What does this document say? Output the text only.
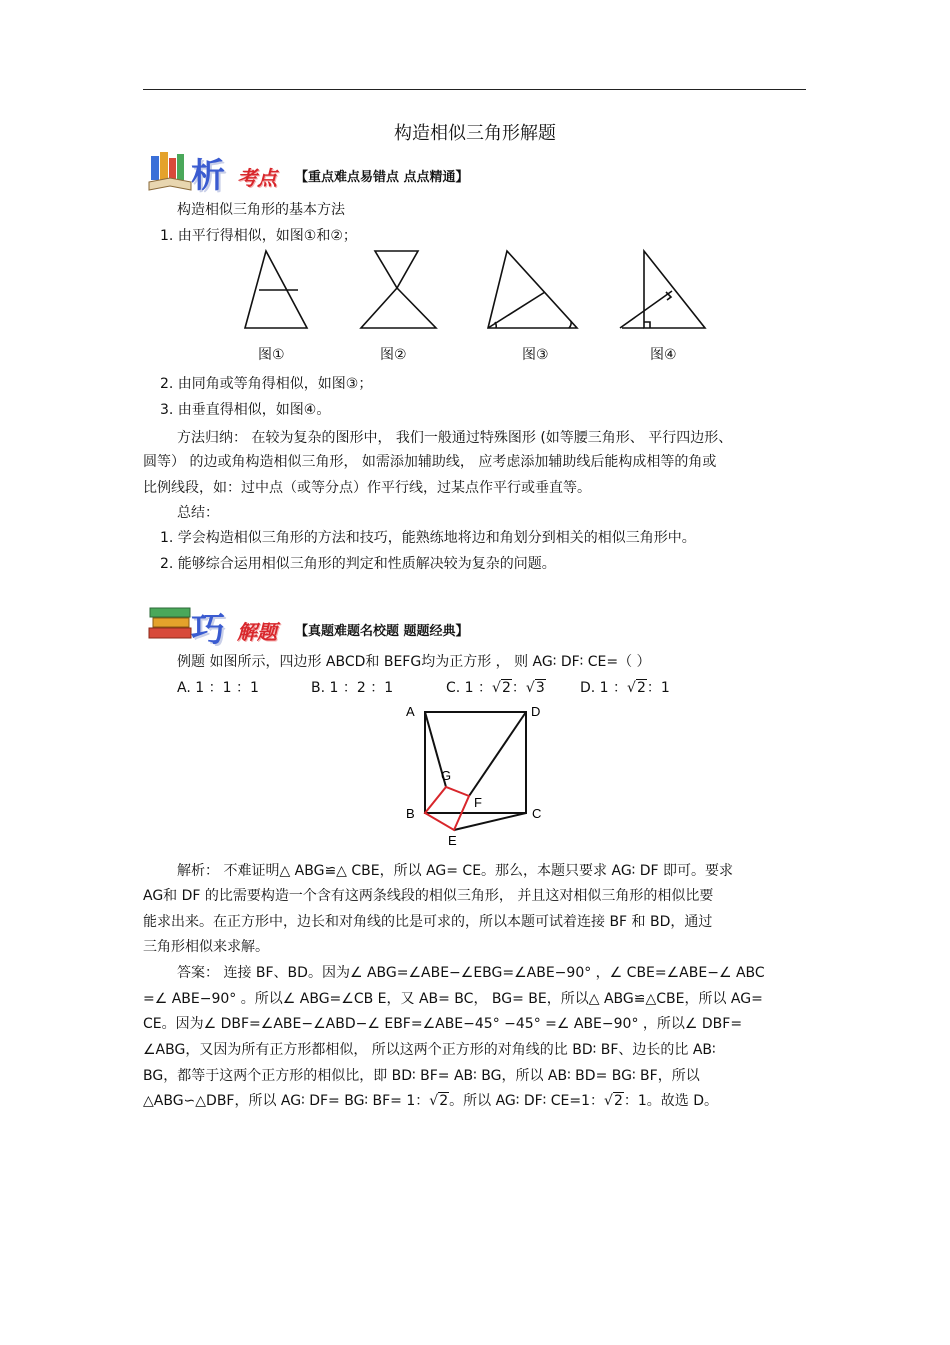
构造相似三角形解题
析 考点 【重点难点易错点 点点精通】
构造相似三角形的基本方法
1. 由平行得相似，如图①和②；
图①	图②	图③	图④
2. 由同角或等角得相似，如图③；
3. 由垂直得相似，如图④。
方法归纳： 在较为复杂的图形中， 我们一般通过特殊图形 (如等腰三角形、 平行四边形、
圆等） 的边或角构造相似三角形， 如需添加辅助线， 应考虑添加辅助线后能构成相等的角或
比例线段，如：过中点（或等分点）作平行线，过某点作平行或垂直等。
总结：
1. 学会构造相似三角形的方法和技巧，能熟练地将边和角划分到相关的相似三角形中。
2. 能够综合运用相似三角形的判定和性质解决较为复杂的问题。
巧 解题 【真题难题名校题 题题经典】
例题 如图所示，四边形 ABCD和 BEFG均为正方形 ， 则 AG∶ DF∶ CE=（ ）
A. 1 ：1 ：1	B. 1 ：2 ：1	C. 1 ：√2：√3	D. 1 ：√2：1
A	D
G
F
B	C
E
解析： 不难证明△ ABG≌△ CBE，所以 AG= CE。那么，本题只要求 AG∶ DF 即可。要求
AG和 DF 的比需要构造一个含有这两条线段的相似三角形， 并且这对相似三角形的相似比要
能求出来。在正方形中，边长和对角线的比是可求的，所以本题可试着连接 BF 和 BD，通过
三角形相似来求解。
答案： 连接 BF、BD。因为∠ ABG=∠ABE−∠EBG=∠ABE−90° ，∠ CBE=∠ABE−∠ ABC
=∠ ABE−90° 。所以∠ ABG=∠CB E，又 AB= BC， BG= BE，所以△ ABG≌△CBE，所以 AG=
CE。因为∠ DBF=∠ABE−∠ABD−∠ EBF=∠ABE−45° −45° =∠ ABE−90° ，所以∠ DBF=
∠ABG，又因为所有正方形都相似， 所以这两个正方形的对角线的比 BD∶ BF、边长的比 AB∶
BG，都等于这两个正方形的相似比，即 BD∶ BF= AB∶ BG，所以 AB∶ BD= BG∶ BF，所以
△ABG∽△DBF，所以 AG∶ DF= BG∶ BF= 1：√2。所以 AG∶ DF∶ CE=1：√2：1。故选 D。
